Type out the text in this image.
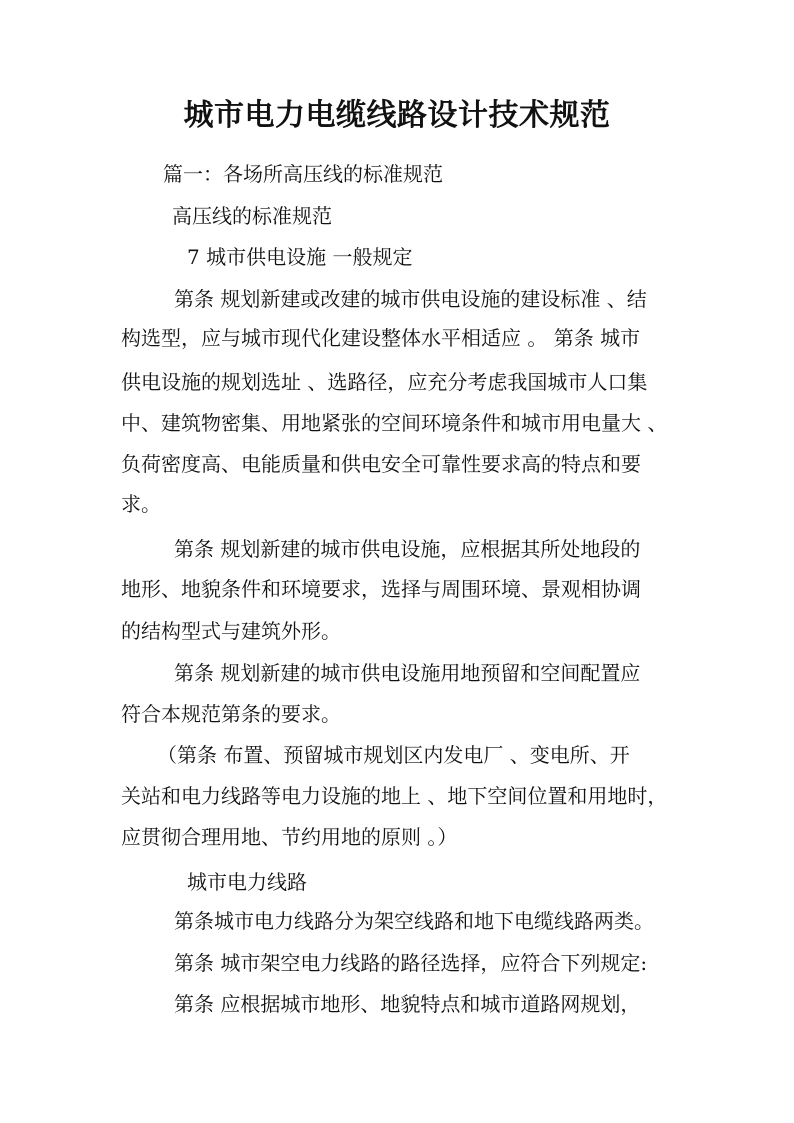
城市电力电缆线路设计技术规范
篇一：各场所高压线的标准规范
高压线的标准规范
7 城市供电设施 一般规定
第条 规划新建或改建的城市供电设施的建设标准 、结
构选型，应与城市现代化建设整体水平相适应 。 第条 城市
供电设施的规划选址 、选路径，应充分考虑我国城市人口集
中、建筑物密集、用地紧张的空间环境条件和城市用电量大 、
负荷密度高、电能质量和供电安全可靠性要求高的特点和要
求。
第条 规划新建的城市供电设施，应根据其所处地段的
地形、地貌条件和环境要求，选择与周围环境、景观相协调
的结构型式与建筑外形。
第条 规划新建的城市供电设施用地预留和空间配置应
符合本规范第条的要求。
（第条 布置、预留城市规划区内发电厂 、变电所、开
关站和电力线路等电力设施的地上 、地下空间位置和用地时，
应贯彻合理用地、节约用地的原则 。）
城市电力线路
第条城市电力线路分为架空线路和地下电缆线路两类。
第条 城市架空电力线路的路径选择，应符合下列规定:
第条 应根据城市地形、地貌特点和城市道路网规划，
